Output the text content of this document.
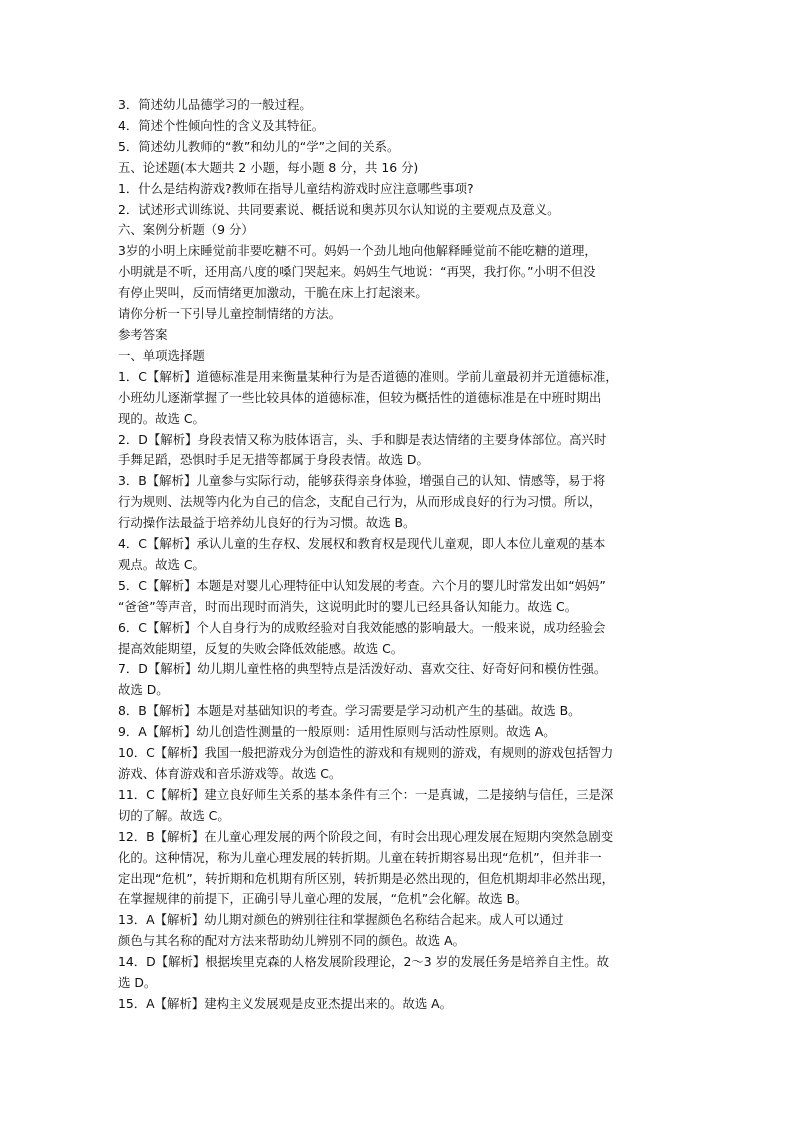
3．简述幼儿品德学习的一般过程。
4．简述个性倾向性的含义及其特征。
5．简述幼儿教师的“教”和幼儿的“学”之间的关系。
五、论述题(本大题共 2 小题，每小题 8 分，共 16 分)
1．什么是结构游戏?教师在指导儿童结构游戏时应注意哪些事项?
2．试述形式训练说、共同要素说、概括说和奥苏贝尔认知说的主要观点及意义。
六、案例分析题（9 分）
3岁的小明上床睡觉前非要吃糖不可。妈妈一个劲儿地向他解释睡觉前不能吃糖的道理，
小明就是不听，还用高八度的嗓门哭起来。妈妈生气地说：“再哭，我打你。”小明不但没
有停止哭叫，反而情绪更加激动，干脆在床上打起滚来。
请你分析一下引导儿童控制情绪的方法。
参考答案
一、单项选择题
1．C【解析】道德标准是用来衡量某种行为是否道德的准则。学前儿童最初并无道德标准，
小班幼儿逐渐掌握了一些比较具体的道德标准，但较为概括性的道德标准是在中班时期出
现的。故选 C。
2．D【解析】身段表情又称为肢体语言，头、手和脚是表达情绪的主要身体部位。高兴时
手舞足蹈，恐惧时手足无措等都属于身段表情。故选 D。
3．B【解析】儿童参与实际行动，能够获得亲身体验，增强自己的认知、情感等，易于将
行为规则、法规等内化为自己的信念，支配自己行为，从而形成良好的行为习惯。所以，
行动操作法最益于培养幼儿良好的行为习惯。故选 B。
4．C【解析】承认儿童的生存权、发展权和教育权是现代儿童观，即人本位儿童观的基本
观点。故选 C。
5．C【解析】本题是对婴儿心理特征中认知发展的考查。六个月的婴儿时常发出如“妈妈”
“爸爸”等声音，时而出现时而消失，这说明此时的婴儿已经具备认知能力。故选 C。
6．C【解析】个人自身行为的成败经验对自我效能感的影响最大。一般来说，成功经验会
提高效能期望，反复的失败会降低效能感。故选 C。
7．D【解析】幼儿期儿童性格的典型特点是活泼好动、喜欢交往、好奇好问和模仿性强。
故选 D。
8．B【解析】本题是对基础知识的考查。学习需要是学习动机产生的基础。故选 B。
9．A【解析】幼儿创造性测量的一般原则：适用性原则与活动性原则。故选 A。
10．C【解析】我国一般把游戏分为创造性的游戏和有规则的游戏，有规则的游戏包括智力
游戏、体育游戏和音乐游戏等。故选 C。
11．C【解析】建立良好师生关系的基本条件有三个：一是真诚，二是接纳与信任，三是深
切的了解。故选 C。
12．B【解析】在儿童心理发展的两个阶段之间，有时会出现心理发展在短期内突然急剧变
化的。这种情况，称为儿童心理发展的转折期。儿童在转折期容易出现“危机”，但并非一
定出现“危机”，转折期和危机期有所区别，转折期是必然出现的，但危机期却非必然出现，
在掌握规律的前提下，正确引导儿童心理的发展，“危机”会化解。故选 B。
13．A【解析】幼儿期对颜色的辨别往往和掌握颜色名称结合起来。成人可以通过
颜色与其名称的配对方法来帮助幼儿辨别不同的颜色。故选 A。
14．D【解析】根据埃里克森的人格发展阶段理论，2～3 岁的发展任务是培养自主性。故
选 D。
15．A【解析】建构主义发展观是皮亚杰提出来的。故选 A。
